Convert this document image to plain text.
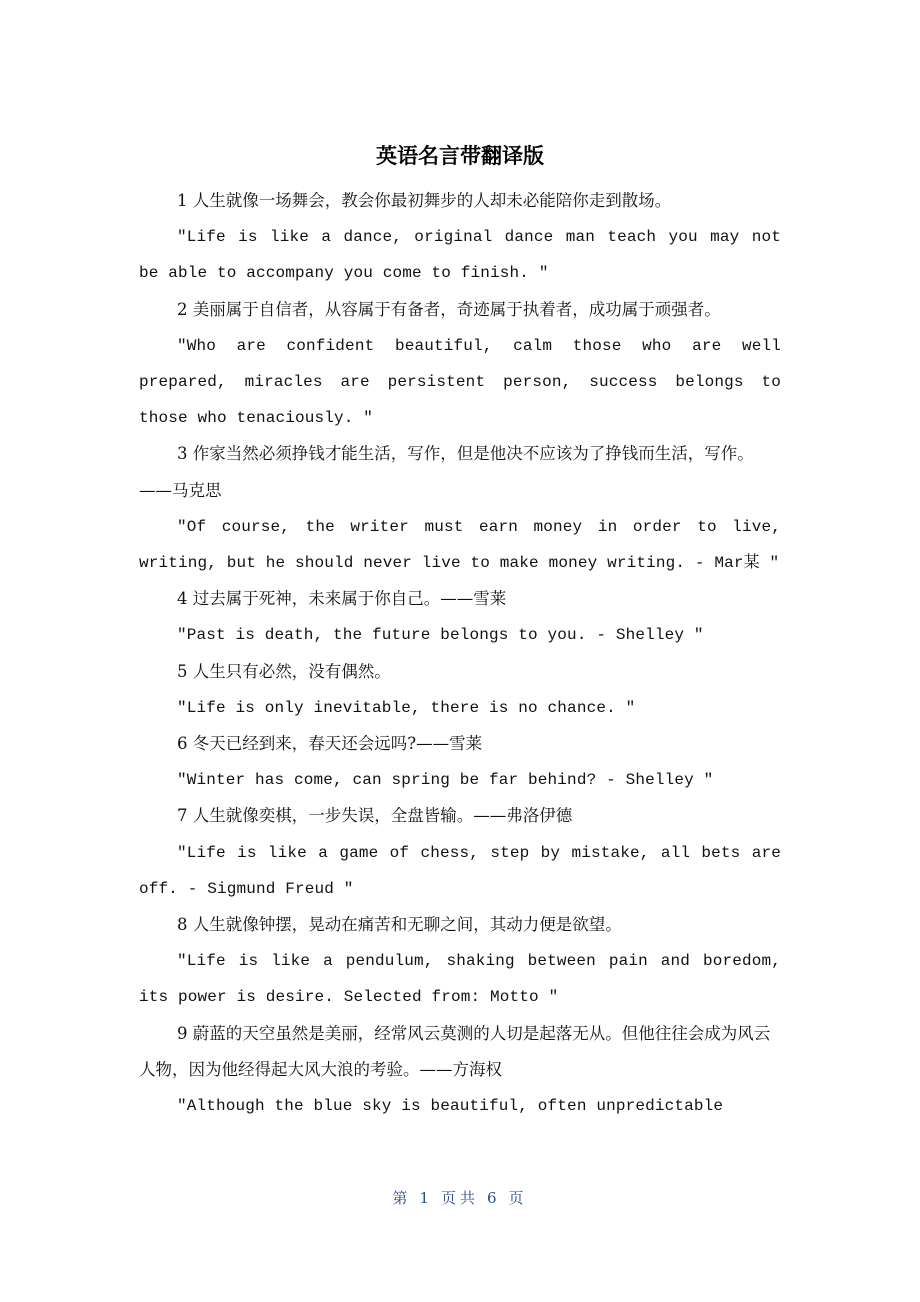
英语名言带翻译版

1 人生就像一场舞会，教会你最初舞步的人却未必能陪你走到散场。

"Life is like a dance, original dance man teach you may not be able to accompany you come to finish. "

2 美丽属于自信者，从容属于有备者，奇迹属于执着者，成功属于顽强者。

"Who are confident beautiful, calm those who are well prepared, miracles are persistent person, success belongs to those who tenaciously. "

3 作家当然必须挣钱才能生活，写作，但是他决不应该为了挣钱而生活，写作。——马克思

"Of course, the writer must earn money in order to live, writing, but he should never live to make money writing. - Mar某 "

4 过去属于死神，未来属于你自己。——雪莱

"Past is death, the future belongs to you. - Shelley "

5 人生只有必然，没有偶然。

"Life is only inevitable, there is no chance. "

6 冬天已经到来，春天还会远吗?——雪莱

"Winter has come, can spring be far behind? - Shelley "

7 人生就像奕棋，一步失误，全盘皆输。——弗洛伊德

"Life is like a game of chess, step by mistake, all bets are off. - Sigmund Freud "

8 人生就像钟摆，晃动在痛苦和无聊之间，其动力便是欲望。

"Life is like a pendulum, shaking between pain and boredom, its power is desire. Selected from: Motto "

9 蔚蓝的天空虽然是美丽，经常风云莫测的人切是起落无从。但他往往会成为风云人物，因为他经得起大风大浪的考验。——方海权

"Although the blue sky is beautiful, often unpredictable

第 1 页共 6 页
